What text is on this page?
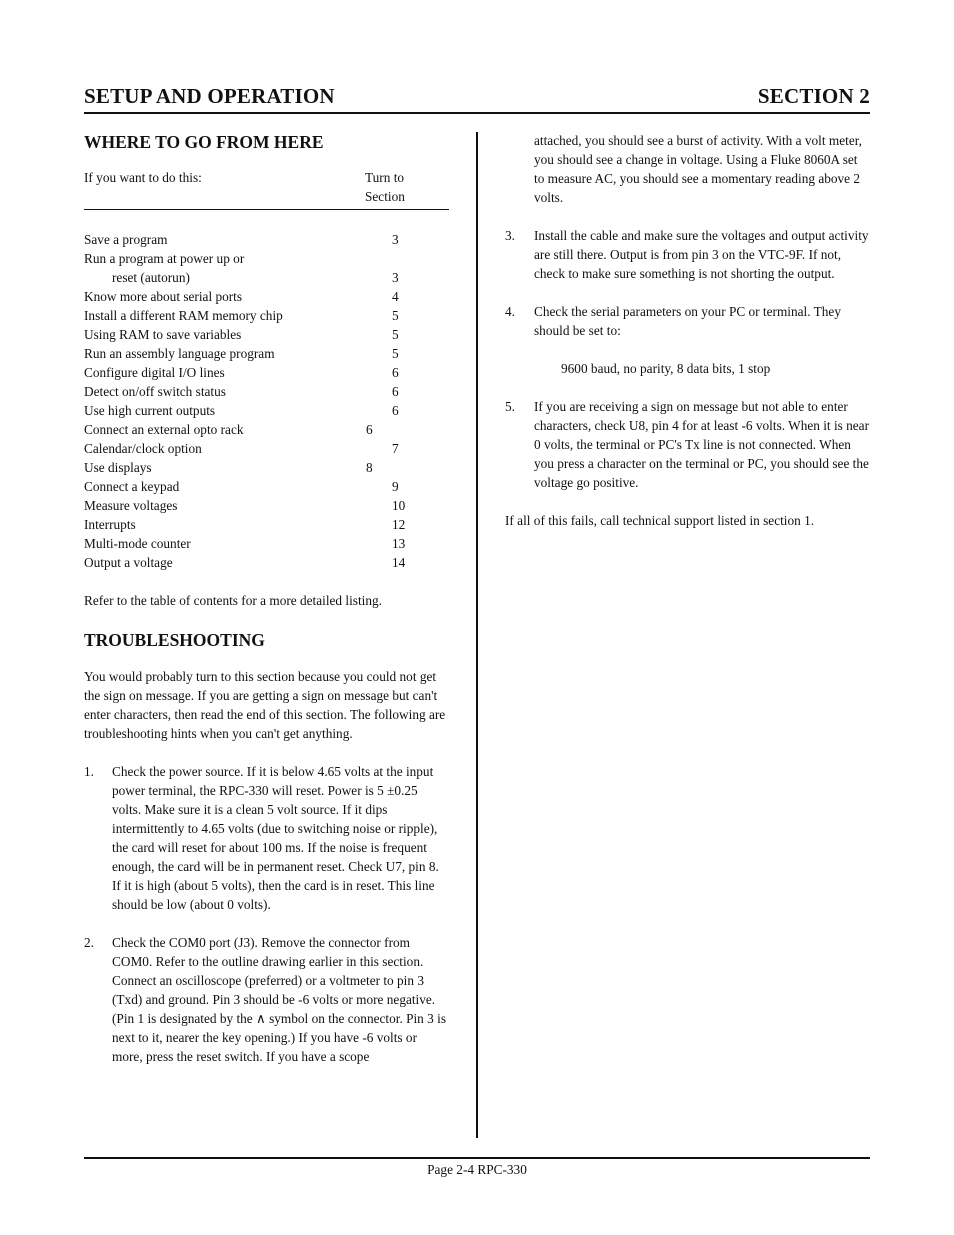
SETUP AND OPERATION	SECTION 2
WHERE TO GO FROM HERE
If you want to do this:	Turn to
Section
Save a program	3
Run a program at power up or
reset (autorun)	3
Know more about serial ports	4
Install a different RAM memory chip	5
Using RAM to save variables	5
Run an assembly language program	5
Configure digital I/O lines	6
Detect on/off switch status	6
Use high current outputs	6
Connect an external opto rack	6
Calendar/clock option	7
Use displays	8
Connect a keypad	9
Measure voltages	10
Interrupts	12
Multi-mode counter	13
Output a voltage	14

Refer to the table of contents for a more detailed listing.

TROUBLESHOOTING

You would probably turn to this section because you could not get the sign on message. If you are getting a sign on message but can't enter characters, then read the end of this section. The following are troubleshooting hints when you can't get anything.

1. Check the power source. If it is below 4.65 volts at the input power terminal, the RPC-330 will reset. Power is 5 ±0.25 volts. Make sure it is a clean 5 volt source. If it dips intermittently to 4.65 volts (due to switching noise or ripple), the card will reset for about 100 ms. If the noise is frequent enough, the card will be in permanent reset. Check U7, pin 8. If it is high (about 5 volts), then the card is in reset. This line should be low (about 0 volts).
2. Check the COM0 port (J3). Remove the connector from COM0. Refer to the outline drawing earlier in this section. Connect an oscilloscope (preferred) or a voltmeter to pin 3 (Txd) and ground. Pin 3 should be -6 volts or more negative. (Pin 1 is designated by the ∧ symbol on the connector. Pin 3 is next to it, nearer the key opening.) If you have -6 volts or more, press the reset switch. If you have a scope
attached, you should see a burst of activity. With a volt meter, you should see a change in voltage. Using a Fluke 8060A set to measure AC, you should see a momentary reading above 2 volts.
3. Install the cable and make sure the voltages and output activity are still there. Output is from pin 3 on the VTC-9F. If not, check to make sure something is not shorting the output.
4. Check the serial parameters on your PC or terminal. They should be set to:
9600 baud, no parity, 8 data bits, 1 stop
5. If you are receiving a sign on message but not able to enter characters, check U8, pin 4 for at least -6 volts. When it is near 0 volts, the terminal or PC's Tx line is not connected. When you press a character on the terminal or PC, you should see the voltage go positive.

If all of this fails, call technical support listed in section 1.

Page 2-4 RPC-330
